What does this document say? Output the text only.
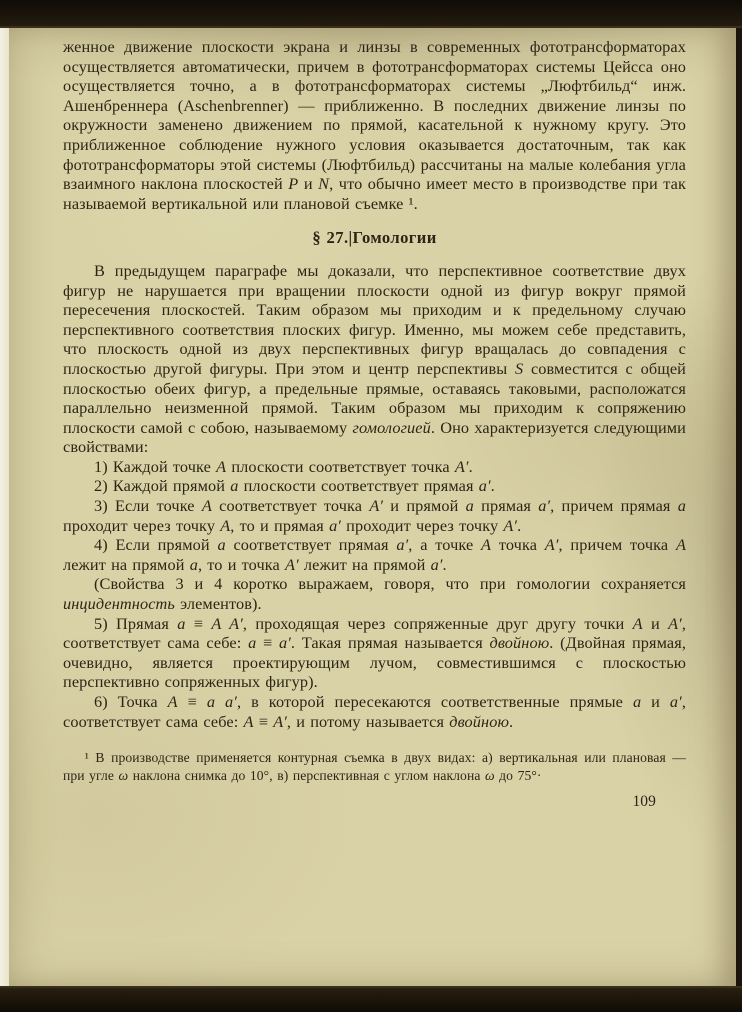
женное движение плоскости экрана и линзы в современных фототрансформаторах осуществляется автоматически, причем в фототрансформаторах системы Цейсса оно осуществляется точно, а в фототрансформаторах системы „Люфтбильд“ инж. Ашенбреннера (Aschenbrenner) — приближенно. В последних движение линзы по окружности заменено движением по прямой, касательной к нужному кругу. Это приближенное соблюдение нужного условия оказывается достаточным, так как фототрансформаторы этой системы (Люфтбильд) рассчитаны на малые колебания угла взаимного наклона плоскостей P и N, что обычно имеет место в производстве при так называемой вертикальной или плановой съемке ¹.

§ 27.|Гомологии

В предыдущем параграфе мы доказали, что перспективное соответствие двух фигур не нарушается при вращении плоскости одной из фигур вокруг прямой пересечения плоскостей. Таким образом мы приходим и к предельному случаю перспективного соответствия плоских фигур. Именно, мы можем себе представить, что плоскость одной из двух перспективных фигур вращалась до совпадения с плоскостью другой фигуры. При этом и центр перспективы S совместится с общей плоскостью обеих фигур, а предельные прямые, оставаясь таковыми, расположатся параллельно неизменной прямой. Таким образом мы приходим к сопряжению плоскости самой с собою, называемому гомологией. Оно характеризуется следующими свойствами:

1) Каждой точке A плоскости соответствует точка A′.

2) Каждой прямой a плоскости соответствует прямая a′.

3) Если точке A соответствует точка A′ и прямой a прямая a′, причем прямая a проходит через точку A, то и прямая a′ проходит через точку A′.

4) Если прямой a соответствует прямая a′, а точке A точка A′, причем точка A лежит на прямой a, то и точка A′ лежит на прямой a′.

(Свойства 3 и 4 коротко выражаем, говоря, что при гомологии сохраняется инцидентность элементов).

5) Прямая a ≡ A A′, проходящая через сопряженные друг другу точки A и A′, соответствует сама себе: a ≡ a′. Такая прямая называется двойною. (Двойная прямая, очевидно, является проектирующим лучом, совместившимся с плоскостью перспективно сопряженных фигур).

6) Точка A ≡ a a′, в которой пересекаются соответственные прямые a и a′, соответствует сама себе: A ≡ A′, и потому называется двойною.

¹ В производстве применяется контурная съемка в двух видах: а) вертикальная или плановая — при угле ω наклона снимка до 10°, в) перспективная с углом наклона ω до 75°·
109
